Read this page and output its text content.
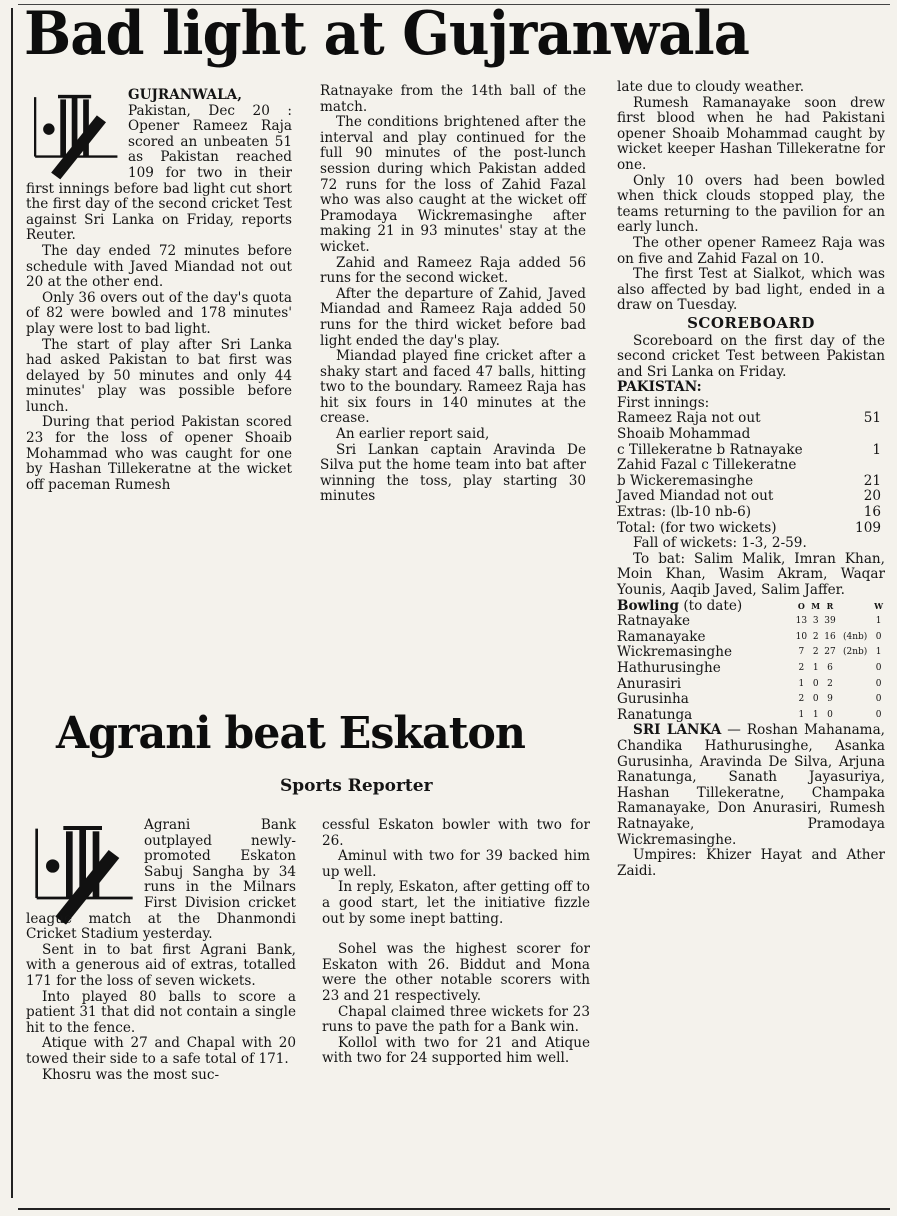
Bad light at Gujranwala

GUJRANWALA, Pakistan, Dec 20 : Opener Rameez Raja scored an unbeaten 51 as Pakistan reached 109 for two in their first innings before bad light cut short the first day of the second cricket Test against Sri Lanka on Friday, reports Reuter.

The day ended 72 minutes before schedule with Javed Miandad not out 20 at the other end.

Only 36 overs out of the day's quota of 82 were bowled and 178 minutes' play were lost to bad light.

The start of play after Sri Lanka had asked Pakistan to bat first was delayed by 50 minutes and only 44 minutes' play was possible before lunch.

During that period Pakistan scored 23 for the loss of opener Shoaib Mohammad who was caught for one by Hashan Tillekeratne at the wicket off paceman Rumesh

Ratnayake from the 14th ball of the match.

The conditions brightened after the interval and play continued for the full 90 minutes of the post-lunch session during which Pakistan added 72 runs for the loss of Zahid Fazal who was also caught at the wicket off Pramodaya Wickremasinghe after making 21 in 93 minutes' stay at the wicket.

Zahid and Rameez Raja added 56 runs for the second wicket.

After the departure of Zahid, Javed Miandad and Rameez Raja added 50 runs for the third wicket before bad light ended the day's play.

Miandad played fine cricket after a shaky start and faced 47 balls, hitting two to the boundary. Rameez Raja has hit six fours in 140 minutes at the crease.

An earlier report said,

Sri Lankan captain Aravinda De Silva put the home team into bat after winning the toss, play starting 30 minutes

late due to cloudy weather.

Rumesh Ramanayake soon drew first blood when he had Pakistani opener Shoaib Mohammad caught by wicket keeper Hashan Tillekeratne for one.

Only 10 overs had been bowled when thick clouds stopped play, the teams returning to the pavilion for an early lunch.

The other opener Rameez Raja was on five and Zahid Fazal on 10.

The first Test at Sialkot, which was also affected by bad light, ended in a draw on Tuesday.

SCOREBOARD

Scoreboard on the first day of the second cricket Test between Pakistan and Sri Lanka on Friday.

PAKISTAN:

First innings:

Rameez Raja not out	51
Shoaib Mohammad
c Tillekeratne b Ratnayake	1
Zahid Fazal c Tillekeratne
b Wickeremasinghe	21
Javed Miandad not out	20
Extras: (lb-10 nb-6)	16
Total: (for two wickets)	109

Fall of wickets: 1-3, 2-59.

To bat: Salim Malik, Imran Khan, Moin Khan, Wasim Akram, Waqar Younis, Aaqib Javed, Salim Jaffer.

Bowling (to date)	O	M	R		W
Ratnayake	13	3	39		1
Ramanayake	10	2	16	(4nb)	0
Wickremasinghe	7	2	27	(2nb)	1
Hathurusinghe	2	1	6		0
Anurasiri	1	0	2		0
Gurusinha	2	0	9		0
Ranatunga	1	1	0		0

SRI LANKA — Roshan Mahanama, Chandika Hathurusinghe, Asanka Gurusinha, Aravinda De Silva, Arjuna Ranatunga, Sanath Jayasuriya, Hashan Tillekeratne, Champaka Ramanayake, Don Anurasiri, Rumesh Ratnayake, Pramodaya Wickremasinghe.

Umpires: Khizer Hayat and Ather Zaidi.

Agrani beat Eskaton
Sports Reporter

Agrani Bank outplayed newly-promoted Eskaton Sabuj Sangha by 34 runs in the Milnars First Division cricket league match at the Dhanmondi Cricket Stadium yesterday.

Sent in to bat first Agrani Bank, with a generous aid of extras, totalled 171 for the loss of seven wickets.

Into played 80 balls to score a patient 31 that did not contain a single hit to the fence.

Atique with 27 and Chapal with 20 towed their side to a safe total of 171.

Khosru was the most suc-

cessful Eskaton bowler with two for 26.

Aminul with two for 39 backed him up well.

In reply, Eskaton, after getting off to a good start, let the initiative fizzle out by some inept batting.

Sohel was the highest scorer for Eskaton with 26. Biddut and Mona were the other notable scorers with 23 and 21 respectively.

Chapal claimed three wickets for 23 runs to pave the path for a Bank win.

Kollol with two for 21 and Atique with two for 24 supported him well.
